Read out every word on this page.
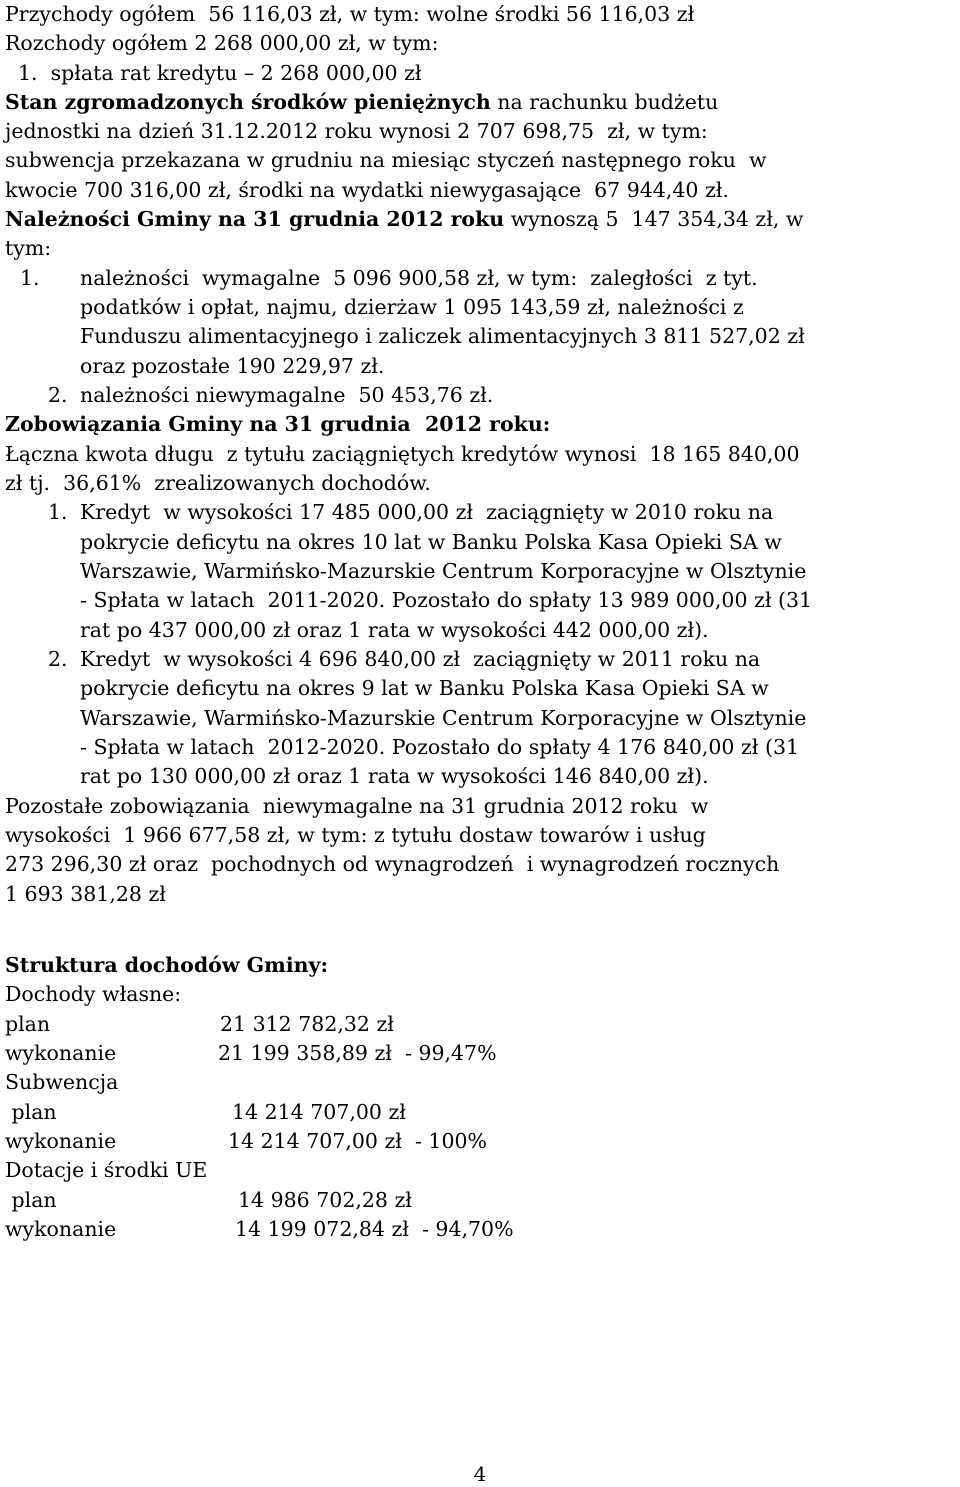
Przychody ogółem  56 116,03 zł, w tym: wolne środki 56 116,03 zł
Rozchody ogółem 2 268 000,00 zł, w tym:
1.  spłata rat kredytu – 2 268 000,00 zł
Stan zgromadzonych środków pieniężnych na rachunku budżetu
jednostki na dzień 31.12.2012 roku wynosi 2 707 698,75  zł, w tym:
subwencja przekazana w grudniu na miesiąc styczeń następnego roku  w
kwocie 700 316,00 zł, środki na wydatki niewygasające  67 944,40 zł.
Należności Gminy na 31 grudnia 2012 roku wynoszą 5  147 354,34 zł, w
tym:
1. należności  wymagalne  5 096 900,58 zł, w tym:  zaległości  z tyt.
podatków i opłat, najmu, dzierżaw 1 095 143,59 zł, należności z
Funduszu alimentacyjnego i zaliczek alimentacyjnych 3 811 527,02 zł
oraz pozostałe 190 229,97 zł.
2. należności niewymagalne  50 453,76 zł.
Zobowiązania Gminy na 31 grudnia  2012 roku:
Łączna kwota długu  z tytułu zaciągniętych kredytów wynosi  18 165 840,00
zł tj.  36,61%  zrealizowanych dochodów.
1. Kredyt  w wysokości 17 485 000,00 zł  zaciągnięty w 2010 roku na
pokrycie deficytu na okres 10 lat w Banku Polska Kasa Opieki SA w
Warszawie, Warmińsko-Mazurskie Centrum Korporacyjne w Olsztynie
- Spłata w latach  2011-2020. Pozostało do spłaty 13 989 000,00 zł (31
rat po 437 000,00 zł oraz 1 rata w wysokości 442 000,00 zł).
2. Kredyt  w wysokości 4 696 840,00 zł  zaciągnięty w 2011 roku na
pokrycie deficytu na okres 9 lat w Banku Polska Kasa Opieki SA w
Warszawie, Warmińsko-Mazurskie Centrum Korporacyjne w Olsztynie
- Spłata w latach  2012-2020. Pozostało do spłaty 4 176 840,00 zł (31
rat po 130 000,00 zł oraz 1 rata w wysokości 146 840,00 zł).
Pozostałe zobowiązania  niewymagalne na 31 grudnia 2012 roku  w
wysokości  1 966 677,58 zł, w tym: z tytułu dostaw towarów i usług
273 296,30 zł oraz  pochodnych od wynagrodzeń  i wynagrodzeń rocznych
1 693 381,28 zł
Struktura dochodów Gminy:
Dochody własne:
plan	21 312 782,32 zł
wykonanie	21 199 358,89 zł  - 99,47%
Subwencja
plan	14 214 707,00 zł
wykonanie	14 214 707,00 zł  - 100%
Dotacje i środki UE
plan	14 986 702,28 zł
wykonanie	14 199 072,84 zł  - 94,70%
4
